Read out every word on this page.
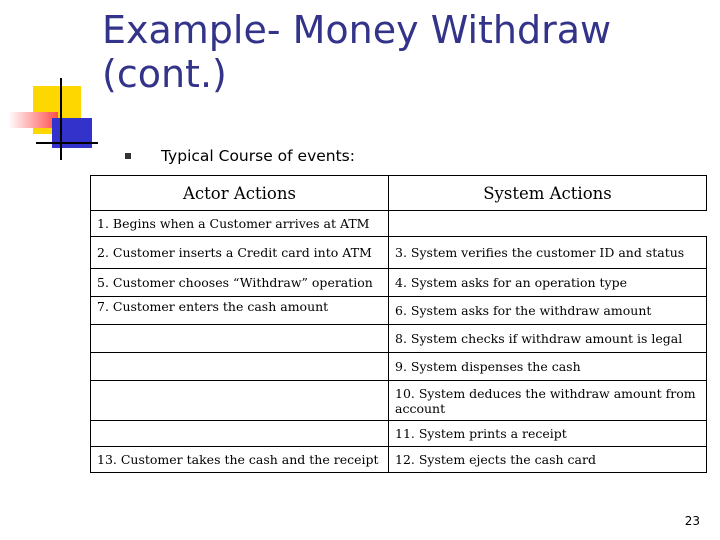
Example- Money Withdraw
(cont.)
Typical Course of events:
Actor Actions	System Actions
1. Begins when a Customer arrives at ATM	
2. Customer inserts a Credit card into ATM	3. System verifies the customer ID and status
5. Customer chooses “Withdraw” operation	4. System asks for an operation type
7. Customer enters the cash amount	6. System asks for the withdraw amount
	8. System checks if withdraw amount is legal
	9. System dispenses the cash
	10. System deduces the withdraw amount from account
	11. System prints a receipt
13. Customer takes the cash and the receipt	12. System ejects the cash card
23
